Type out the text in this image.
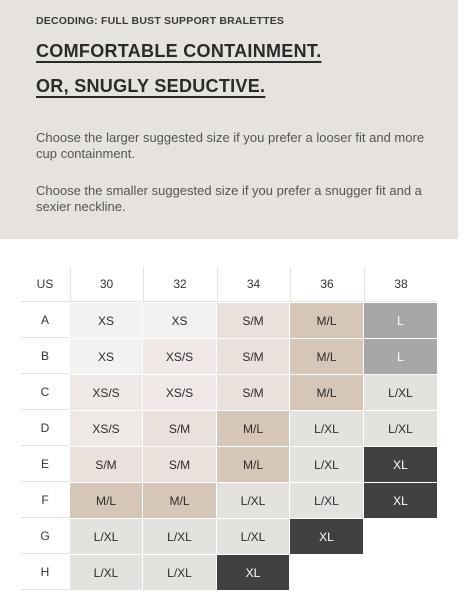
DECODING: FULL BUST SUPPORT BRALETTES
COMFORTABLE CONTAINMENT.
OR, SNUGLY SEDUCTIVE.
Choose the larger suggested size if you prefer a looser fit and more cup containment.
Choose the smaller suggested size if you prefer a snugger fit and a sexier neckline.
US	30	32	34	36	38
A	XS	XS	S/M	M/L	L
B	XS	XS/S	S/M	M/L	L
C	XS/S	XS/S	S/M	M/L	L/XL
D	XS/S	S/M	M/L	L/XL	L/XL
E	S/M	S/M	M/L	L/XL	XL
F	M/L	M/L	L/XL	L/XL	XL
G	L/XL	L/XL	L/XL	XL
H	L/XL	L/XL	XL
